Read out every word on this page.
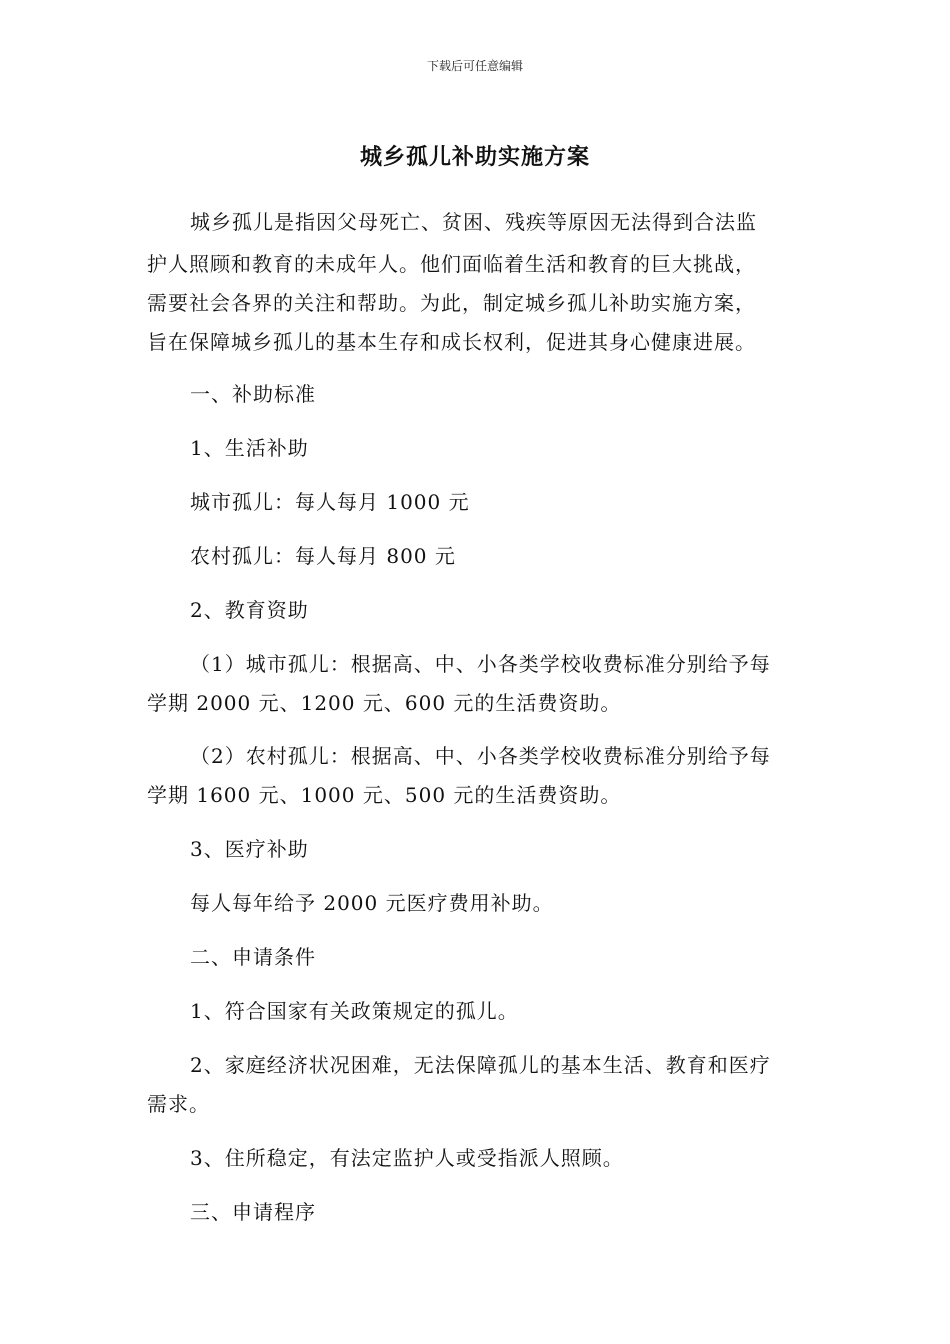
下载后可任意编辑
城乡孤儿补助实施方案
城乡孤儿是指因父母死亡、贫困、残疾等原因无法得到合法监
护人照顾和教育的未成年人。他们面临着生活和教育的巨大挑战，
需要社会各界的关注和帮助。为此，制定城乡孤儿补助实施方案，
旨在保障城乡孤儿的基本生存和成长权利，促进其身心健康进展。
一、补助标准
1、生活补助
城市孤儿：每人每月 1000 元
农村孤儿：每人每月 800 元
2、教育资助
（1）城市孤儿：根据高、中、小各类学校收费标准分别给予每
学期 2000 元、1200 元、600 元的生活费资助。
（2）农村孤儿：根据高、中、小各类学校收费标准分别给予每
学期 1600 元、1000 元、500 元的生活费资助。
3、医疗补助
每人每年给予 2000 元医疗费用补助。
二、申请条件
1、符合国家有关政策规定的孤儿。
2、家庭经济状况困难，无法保障孤儿的基本生活、教育和医疗
需求。
3、住所稳定，有法定监护人或受指派人照顾。
三、申请程序
